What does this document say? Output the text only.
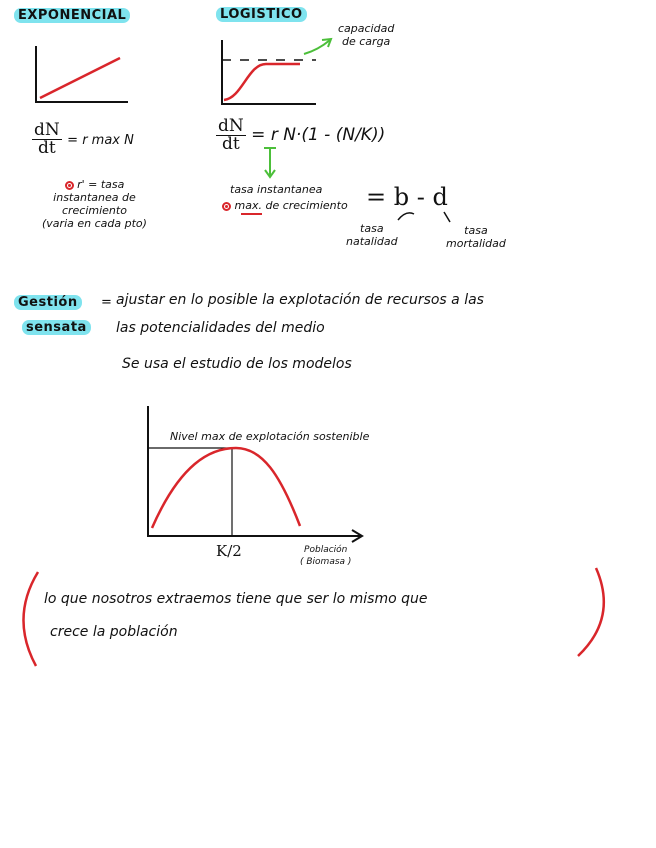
EXPONENCIAL
$\frac{dN}{dt} = r$ max N
r' = tasa
instantanea de
crecimiento
(varia en cada pto)
LOGISTICO
capacidad
de carga
$\frac{dN}{dt} = r$ N·(1 - (N/K))
tasa instantanea
max. de crecimiento = b - d
tasa
natalidad
tasa
mortalidad
Gestión
sensata
= ajustar en lo posible la explotación de recursos a las
las potencialidades del medio
Se usa el estudio de los modelos
Nivel max de explotación sostenible
K/2	Población
( Biomasa )
lo que nosotros extraemos tiene que ser lo mismo que
crece la población
